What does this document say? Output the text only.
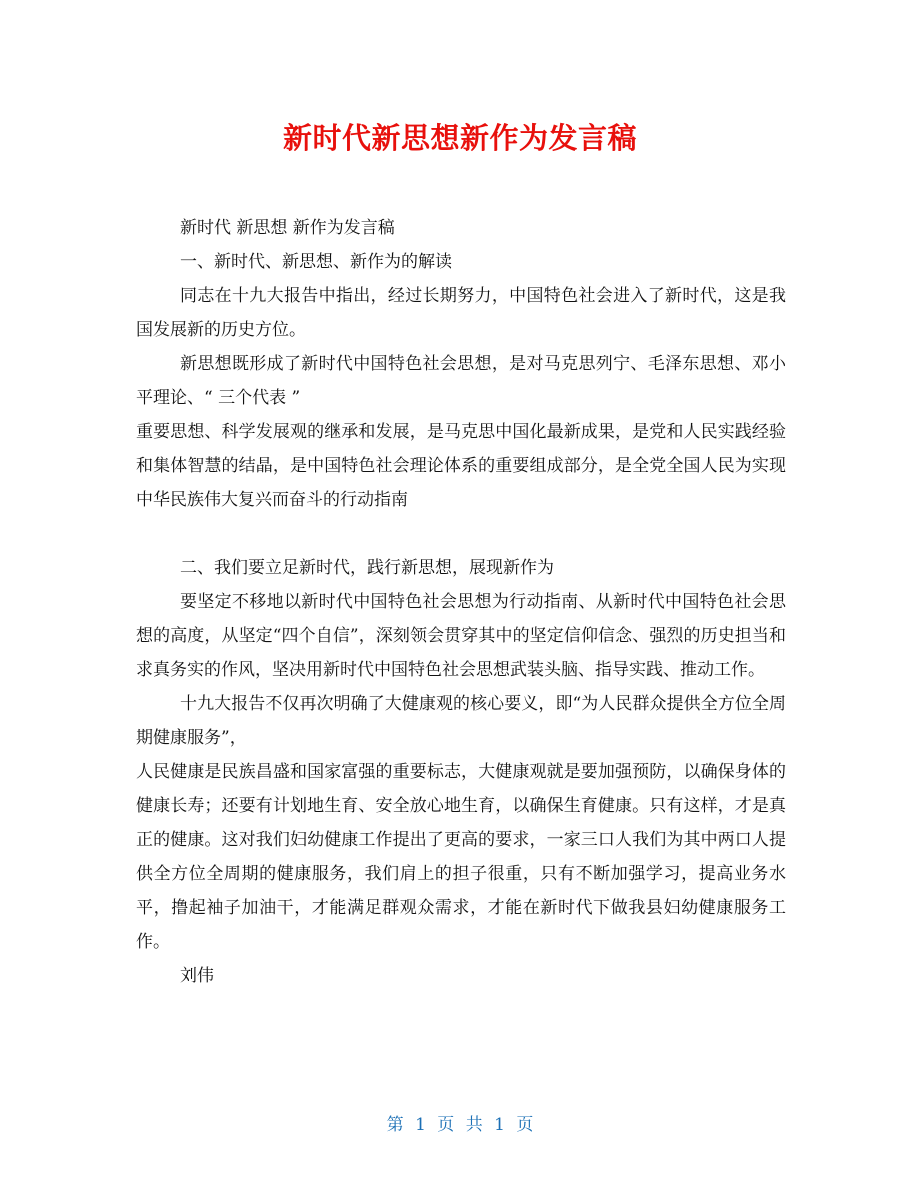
新时代新思想新作为发言稿

新时代 新思想 新作为发言稿

一、新时代、新思想、新作为的解读

同志在十九大报告中指出，经过长期努力，中国特色社会进入了新时代，这是我国发展新的历史方位。

新思想既形成了新时代中国特色社会思想，是对马克思列宁、毛泽东思想、邓小平理论、“ 三个代表 ”

重要思想、科学发展观的继承和发展，是马克思中国化最新成果，是党和人民实践经验和集体智慧的结晶，是中国特色社会理论体系的重要组成部分，是全党全国人民为实现中华民族伟大复兴而奋斗的行动指南

二、我们要立足新时代，践行新思想，展现新作为

要坚定不移地以新时代中国特色社会思想为行动指南、从新时代中国特色社会思想的高度，从坚定“四个自信”，深刻领会贯穿其中的坚定信仰信念、强烈的历史担当和求真务实的作风，坚决用新时代中国特色社会思想武装头脑、指导实践、推动工作。

十九大报告不仅再次明确了大健康观的核心要义，即“为人民群众提供全方位全周期健康服务”，

人民健康是民族昌盛和国家富强的重要标志，大健康观就是要加强预防，以确保身体的健康长寿；还要有计划地生育、安全放心地生育，以确保生育健康。只有这样，才是真正的健康。这对我们妇幼健康工作提出了更高的要求，一家三口人我们为其中两口人提供全方位全周期的健康服务，我们肩上的担子很重，只有不断加强学习，提高业务水平，撸起袖子加油干，才能满足群观众需求，才能在新时代下做我县妇幼健康服务工作。

刘伟

第 1 页 共 1 页
